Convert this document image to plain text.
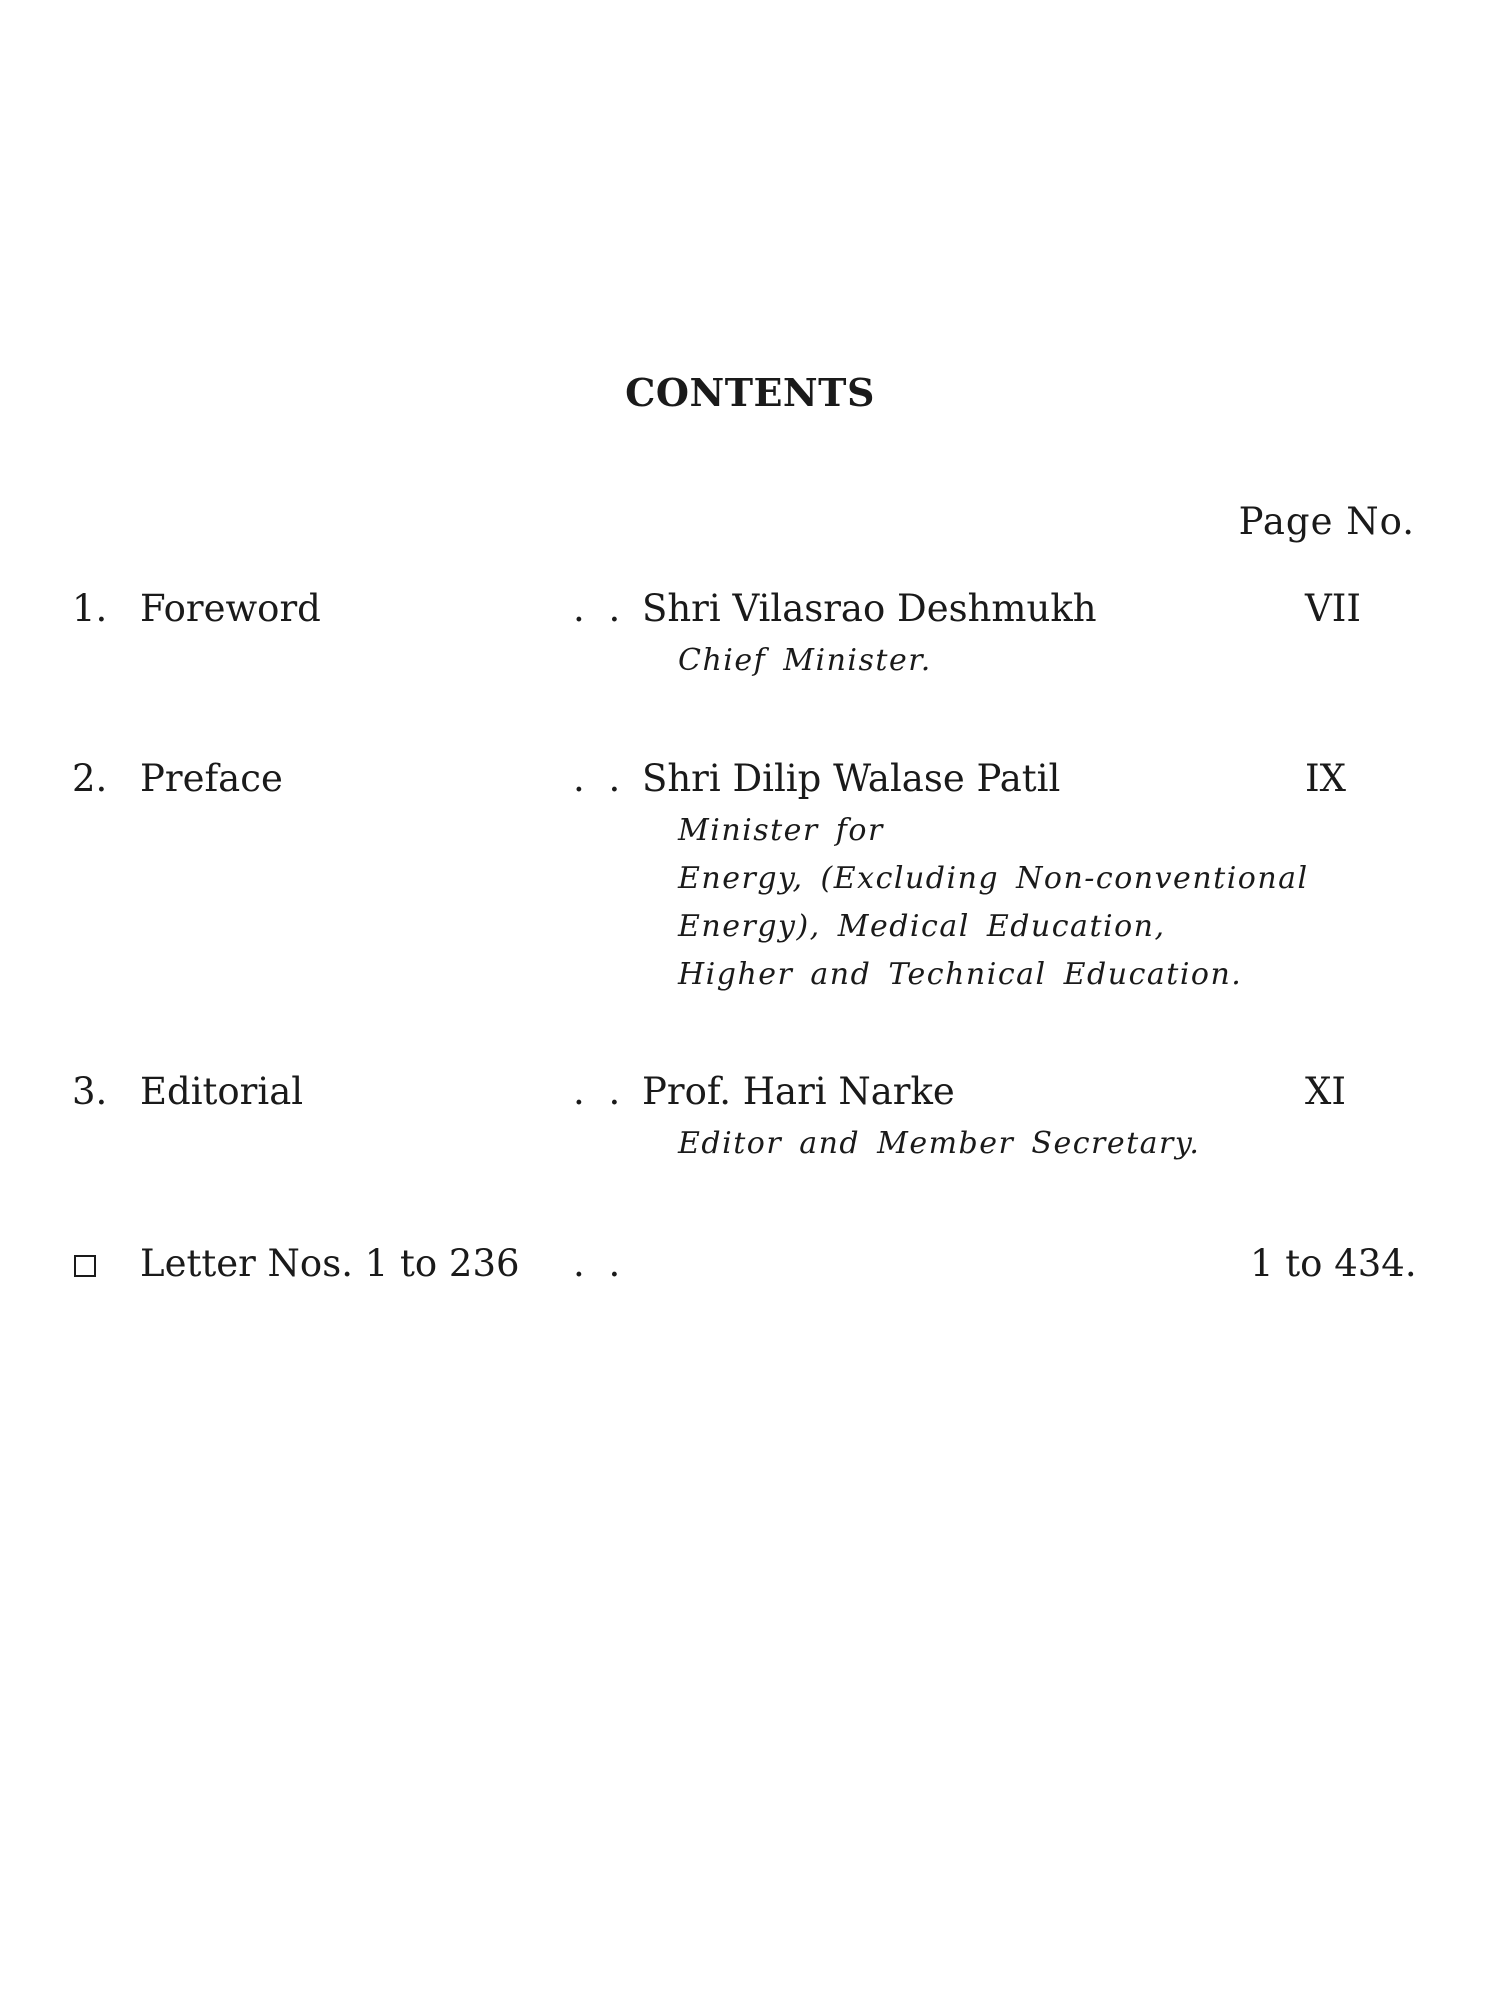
CONTENTS
Page No.
1. Foreword	. . Shri Vilasrao Deshmukh	VII
Chief Minister.
2. Preface	. . Shri Dilip Walase Patil	IX
Minister for
Energy, (Excluding Non-conventional
Energy), Medical Education,
Higher and Technical Education.
3. Editorial	. . Prof. Hari Narke	XI
Editor and Member Secretary.
Letter Nos. 1 to 236 . .	1 to 434.
